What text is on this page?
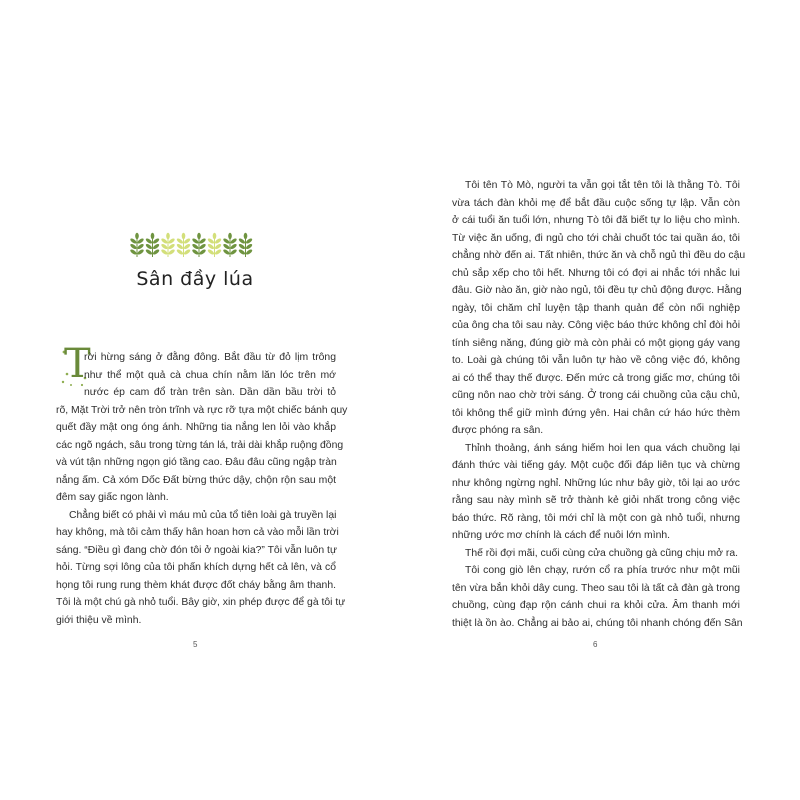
Sân đầy lúa
T

rời hừng sáng ở đằng đông. Bắt đầu từ đỏ lịm trông

như thể một quả cà chua chín nằm lăn lóc trên mớ

nước ép cam đổ tràn trên sàn. Dần dần bầu trời tỏ

rõ, Mặt Trời trở nên tròn trĩnh và rực rỡ tựa một chiếc bánh quy

quết đầy mật ong óng ánh. Những tia nắng len lỏi vào khắp

các ngõ ngách, sâu trong từng tán lá, trải dài khắp ruộng đồng

và vút tận những ngọn gió tầng cao. Đâu đâu cũng ngập tràn

nắng ấm. Cả xóm Dốc Đất bừng thức dậy, chộn rộn sau một

đêm say giấc ngon lành.

Chẳng biết có phải vì máu mủ của tổ tiên loài gà truyền lại

hay không, mà tôi cảm thấy hân hoan hơn cả vào mỗi lần trời

sáng. “Điều gì đang chờ đón tôi ở ngoài kia?” Tôi vẫn luôn tự

hỏi. Từng sợi lông của tôi phấn khích dựng hết cả lên, và cổ

họng tôi rung rung thèm khát được đốt cháy bằng âm thanh.

Tôi là một chú gà nhỏ tuổi. Bây giờ, xin phép được để gà tôi tự

giới thiệu về mình.

5

Tôi tên Tò Mò, người ta vẫn gọi tắt tên tôi là thằng Tò. Tôi

vừa tách đàn khỏi mẹ để bắt đầu cuộc sống tự lập. Vẫn còn

ở cái tuổi ăn tuổi lớn, nhưng Tò tôi đã biết tự lo liệu cho mình.

Từ việc ăn uống, đi ngủ cho tới chải chuốt tóc tai quần áo, tôi

chẳng nhờ đến ai. Tất nhiên, thức ăn và chỗ ngủ thì đều do cậu

chủ sắp xếp cho tôi hết. Nhưng tôi có đợi ai nhắc tới nhắc lui

đâu. Giờ nào ăn, giờ nào ngủ, tôi đều tự chủ động được. Hằng

ngày, tôi chăm chỉ luyện tập thanh quản để còn nối nghiệp

của ông cha tôi sau này. Công việc báo thức không chỉ đòi hỏi

tính siêng năng, đúng giờ mà còn phải có một giọng gáy vang

to. Loài gà chúng tôi vẫn luôn tự hào về công việc đó, không

ai có thể thay thế được. Đến mức cả trong giấc mơ, chúng tôi

cũng nôn nao chờ trời sáng. Ở trong cái chuồng của cậu chủ,

tôi không thể giữ mình đứng yên. Hai chân cứ háo hức thèm

được phóng ra sân.

Thỉnh thoảng, ánh sáng hiếm hoi len qua vách chuồng lại

đánh thức vài tiếng gáy. Một cuộc đối đáp liên tục và chừng

như không ngừng nghỉ. Những lúc như bây giờ, tôi lại ao ước

rằng sau này mình sẽ trở thành kẻ giỏi nhất trong công việc

báo thức. Rõ ràng, tôi mới chỉ là một con gà nhỏ tuổi, nhưng

những ước mơ chính là cách để nuôi lớn mình.

Thế rồi đợi mãi, cuối cùng cửa chuồng gà cũng chịu mở ra.

Tôi cong giò lên chạy, rướn cổ ra phía trước như một mũi

tên vừa bắn khỏi dây cung. Theo sau tôi là tất cả đàn gà trong

chuồng, cùng đạp rộn cánh chui ra khỏi cửa. Âm thanh mới

thiệt là ồn ào. Chẳng ai bảo ai, chúng tôi nhanh chóng đến Sân

6
